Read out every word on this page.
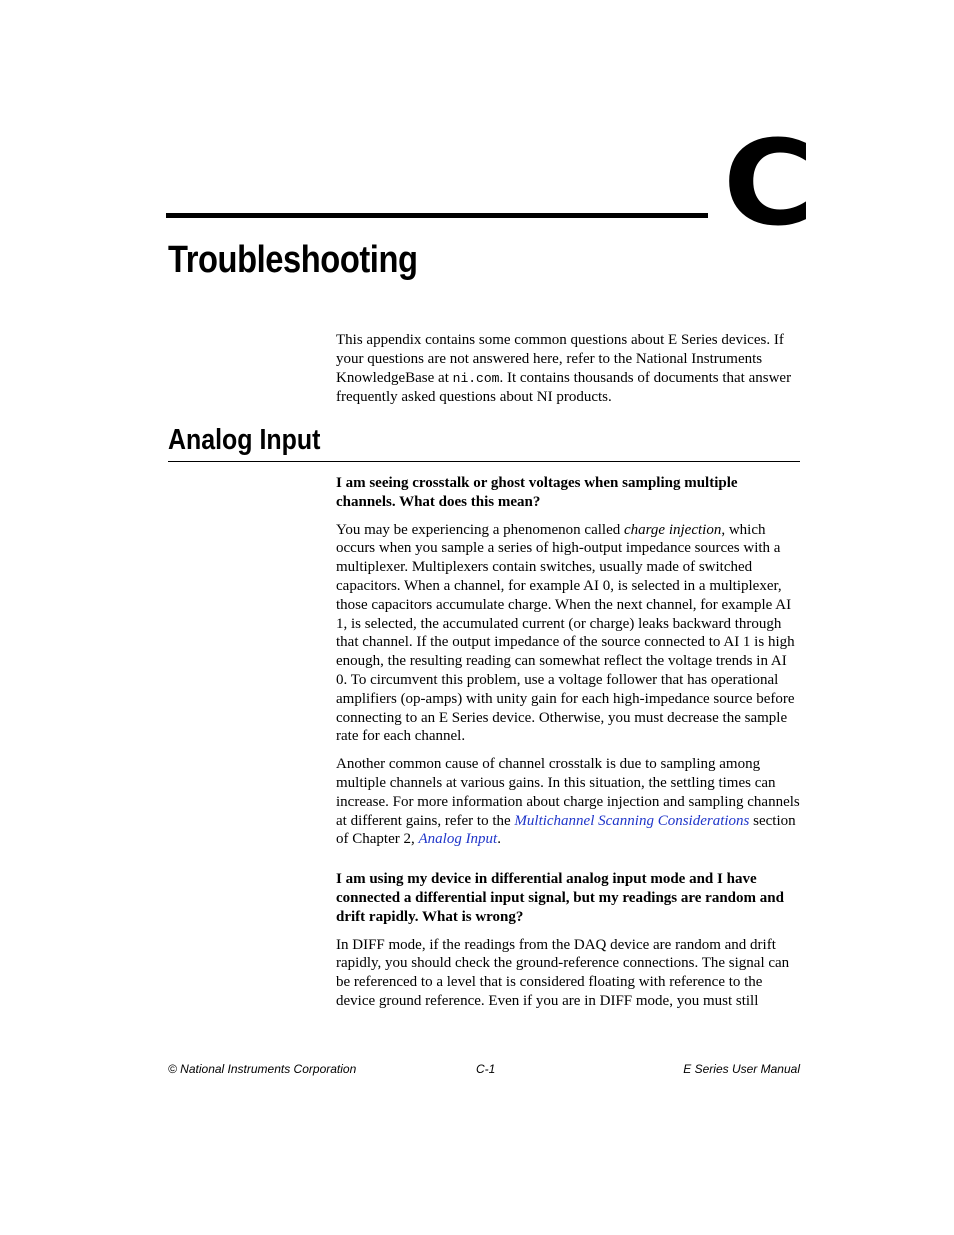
C
Troubleshooting

This appendix contains some common questions about E Series devices. If your questions are not answered here, refer to the National Instruments KnowledgeBase at ni.com. It contains thousands of documents that answer frequently asked questions about NI products.

Analog Input

I am seeing crosstalk or ghost voltages when sampling multiple channels. What does this mean?

You may be experiencing a phenomenon called charge injection, which occurs when you sample a series of high-output impedance sources with a multiplexer. Multiplexers contain switches, usually made of switched capacitors. When a channel, for example AI 0, is selected in a multiplexer, those capacitors accumulate charge. When the next channel, for example AI 1, is selected, the accumulated current (or charge) leaks backward through that channel. If the output impedance of the source connected to AI 1 is high enough, the resulting reading can somewhat reflect the voltage trends in AI 0. To circumvent this problem, use a voltage follower that has operational amplifiers (op-amps) with unity gain for each high-impedance source before connecting to an E Series device. Otherwise, you must decrease the sample rate for each channel.

Another common cause of channel crosstalk is due to sampling among multiple channels at various gains. In this situation, the settling times can increase. For more information about charge injection and sampling channels at different gains, refer to the Multichannel Scanning Considerations section of Chapter 2, Analog Input.

I am using my device in differential analog input mode and I have connected a differential input signal, but my readings are random and drift rapidly. What is wrong?

In DIFF mode, if the readings from the DAQ device are random and drift rapidly, you should check the ground-reference connections. The signal can be referenced to a level that is considered floating with reference to the device ground reference. Even if you are in DIFF mode, you must still

© National Instruments Corporation	C-1	E Series User Manual
